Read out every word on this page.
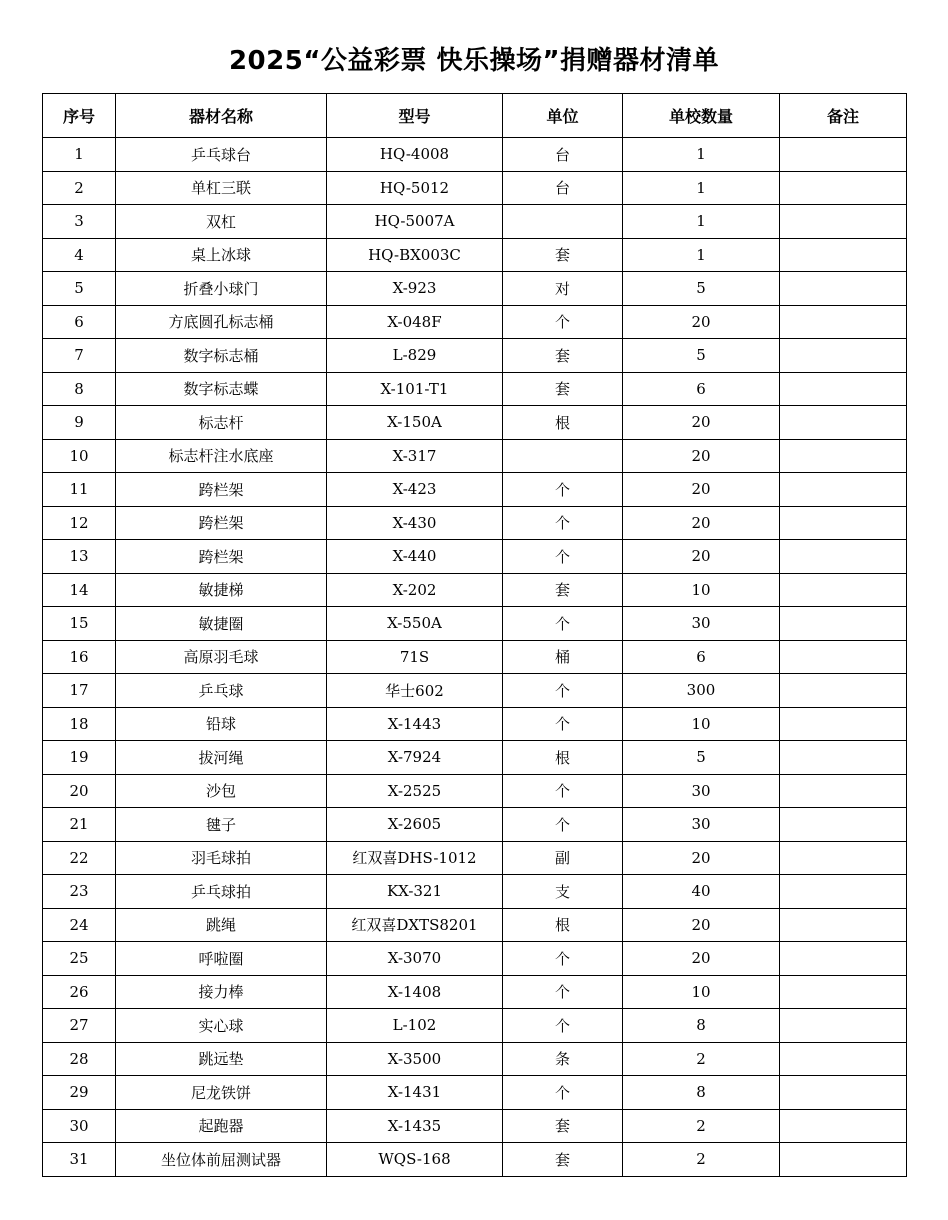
2025“公益彩票 快乐操场”捐赠器材清单
序号	器材名称	型号	单位	单校数量	备注
1	乒乓球台	HQ-4008	台	1	
2	单杠三联	HQ-5012	台	1	
3	双杠	HQ-5007A		1	
4	桌上冰球	HQ-BX003C	套	1	
5	折叠小球门	X-923	对	5	
6	方底圆孔标志桶	X-048F	个	20	
7	数字标志桶	L-829	套	5	
8	数字标志蝶	X-101-T1	套	6	
9	标志杆	X-150A	根	20	
10	标志杆注水底座	X-317		20	
11	跨栏架	X-423	个	20	
12	跨栏架	X-430	个	20	
13	跨栏架	X-440	个	20	
14	敏捷梯	X-202	套	10	
15	敏捷圈	X-550A	个	30	
16	高原羽毛球	71S	桶	6	
17	乒乓球	华士602	个	300	
18	铅球	X-1443	个	10	
19	拔河绳	X-7924	根	5	
20	沙包	X-2525	个	30	
21	毽子	X-2605	个	30	
22	羽毛球拍	红双喜DHS-1012	副	20	
23	乒乓球拍	KX-321	支	40	
24	跳绳	红双喜DXTS8201	根	20	
25	呼啦圈	X-3070	个	20	
26	接力棒	X-1408	个	10	
27	实心球	L-102	个	8	
28	跳远垫	X-3500	条	2	
29	尼龙铁饼	X-1431	个	8	
30	起跑器	X-1435	套	2	
31	坐位体前屈测试器	WQS-168	套	2	
